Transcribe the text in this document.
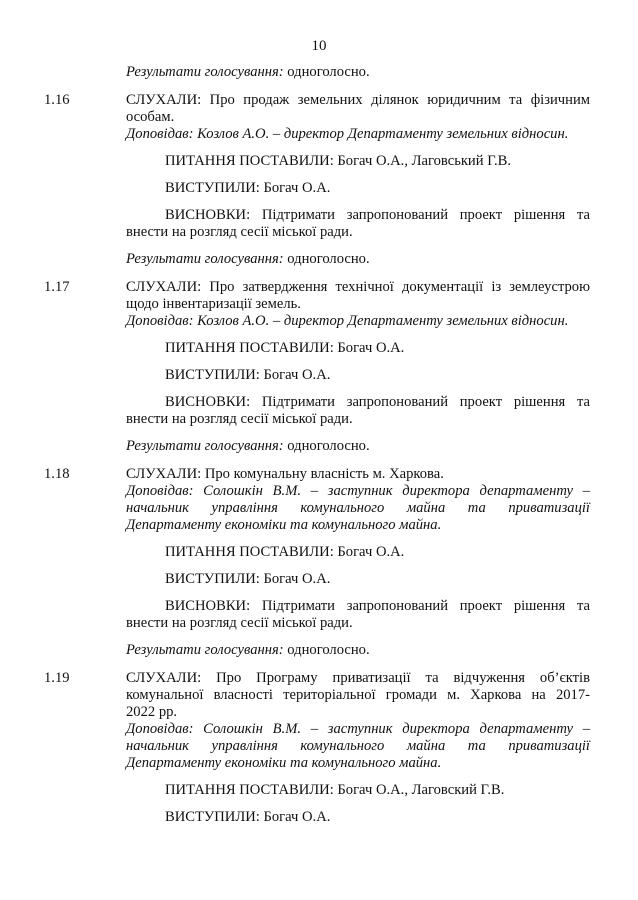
10
Результати голосування: одноголосно.
1.16	СЛУХАЛИ: Про продаж земельних ділянок юридичним та фізичним
особам.
Доповідав: Козлов А.О. – директор Департаменту земельних відносин.
ПИТАННЯ ПОСТАВИЛИ: Богач О.А., Лаговський Г.В.
ВИСТУПИЛИ: Богач О.А.
ВИСНОВКИ: Підтримати запропонований проект рішення та
внести на розгляд сесії міської ради.
Результати голосування: одноголосно.
1.17	СЛУХАЛИ: Про затвердження технічної документації із землеустрою
щодо інвентаризації земель.
Доповідав: Козлов А.О. – директор Департаменту земельних відносин.
ПИТАННЯ ПОСТАВИЛИ: Богач О.А.
ВИСТУПИЛИ: Богач О.А.
ВИСНОВКИ: Підтримати запропонований проект рішення та
внести на розгляд сесії міської ради.
Результати голосування: одноголосно.
1.18	СЛУХАЛИ: Про комунальну власність м. Харкова.
Доповідав: Солошкін В.М. – заступник директора департаменту –
начальник управління комунального майна та приватизації
Департаменту економіки та комунального майна.
ПИТАННЯ ПОСТАВИЛИ: Богач О.А.
ВИСТУПИЛИ: Богач О.А.
ВИСНОВКИ: Підтримати запропонований проект рішення та
внести на розгляд сесії міської ради.
Результати голосування: одноголосно.
1.19	СЛУХАЛИ: Про Програму приватизації та відчуження об’єктів
комунальної власності територіальної громади м. Харкова на 2017-
2022 рр.
Доповідав: Солошкін В.М. – заступник директора департаменту –
начальник управління комунального майна та приватизації
Департаменту економіки та комунального майна.
ПИТАННЯ ПОСТАВИЛИ: Богач О.А., Лаговский Г.В.
ВИСТУПИЛИ: Богач О.А.
